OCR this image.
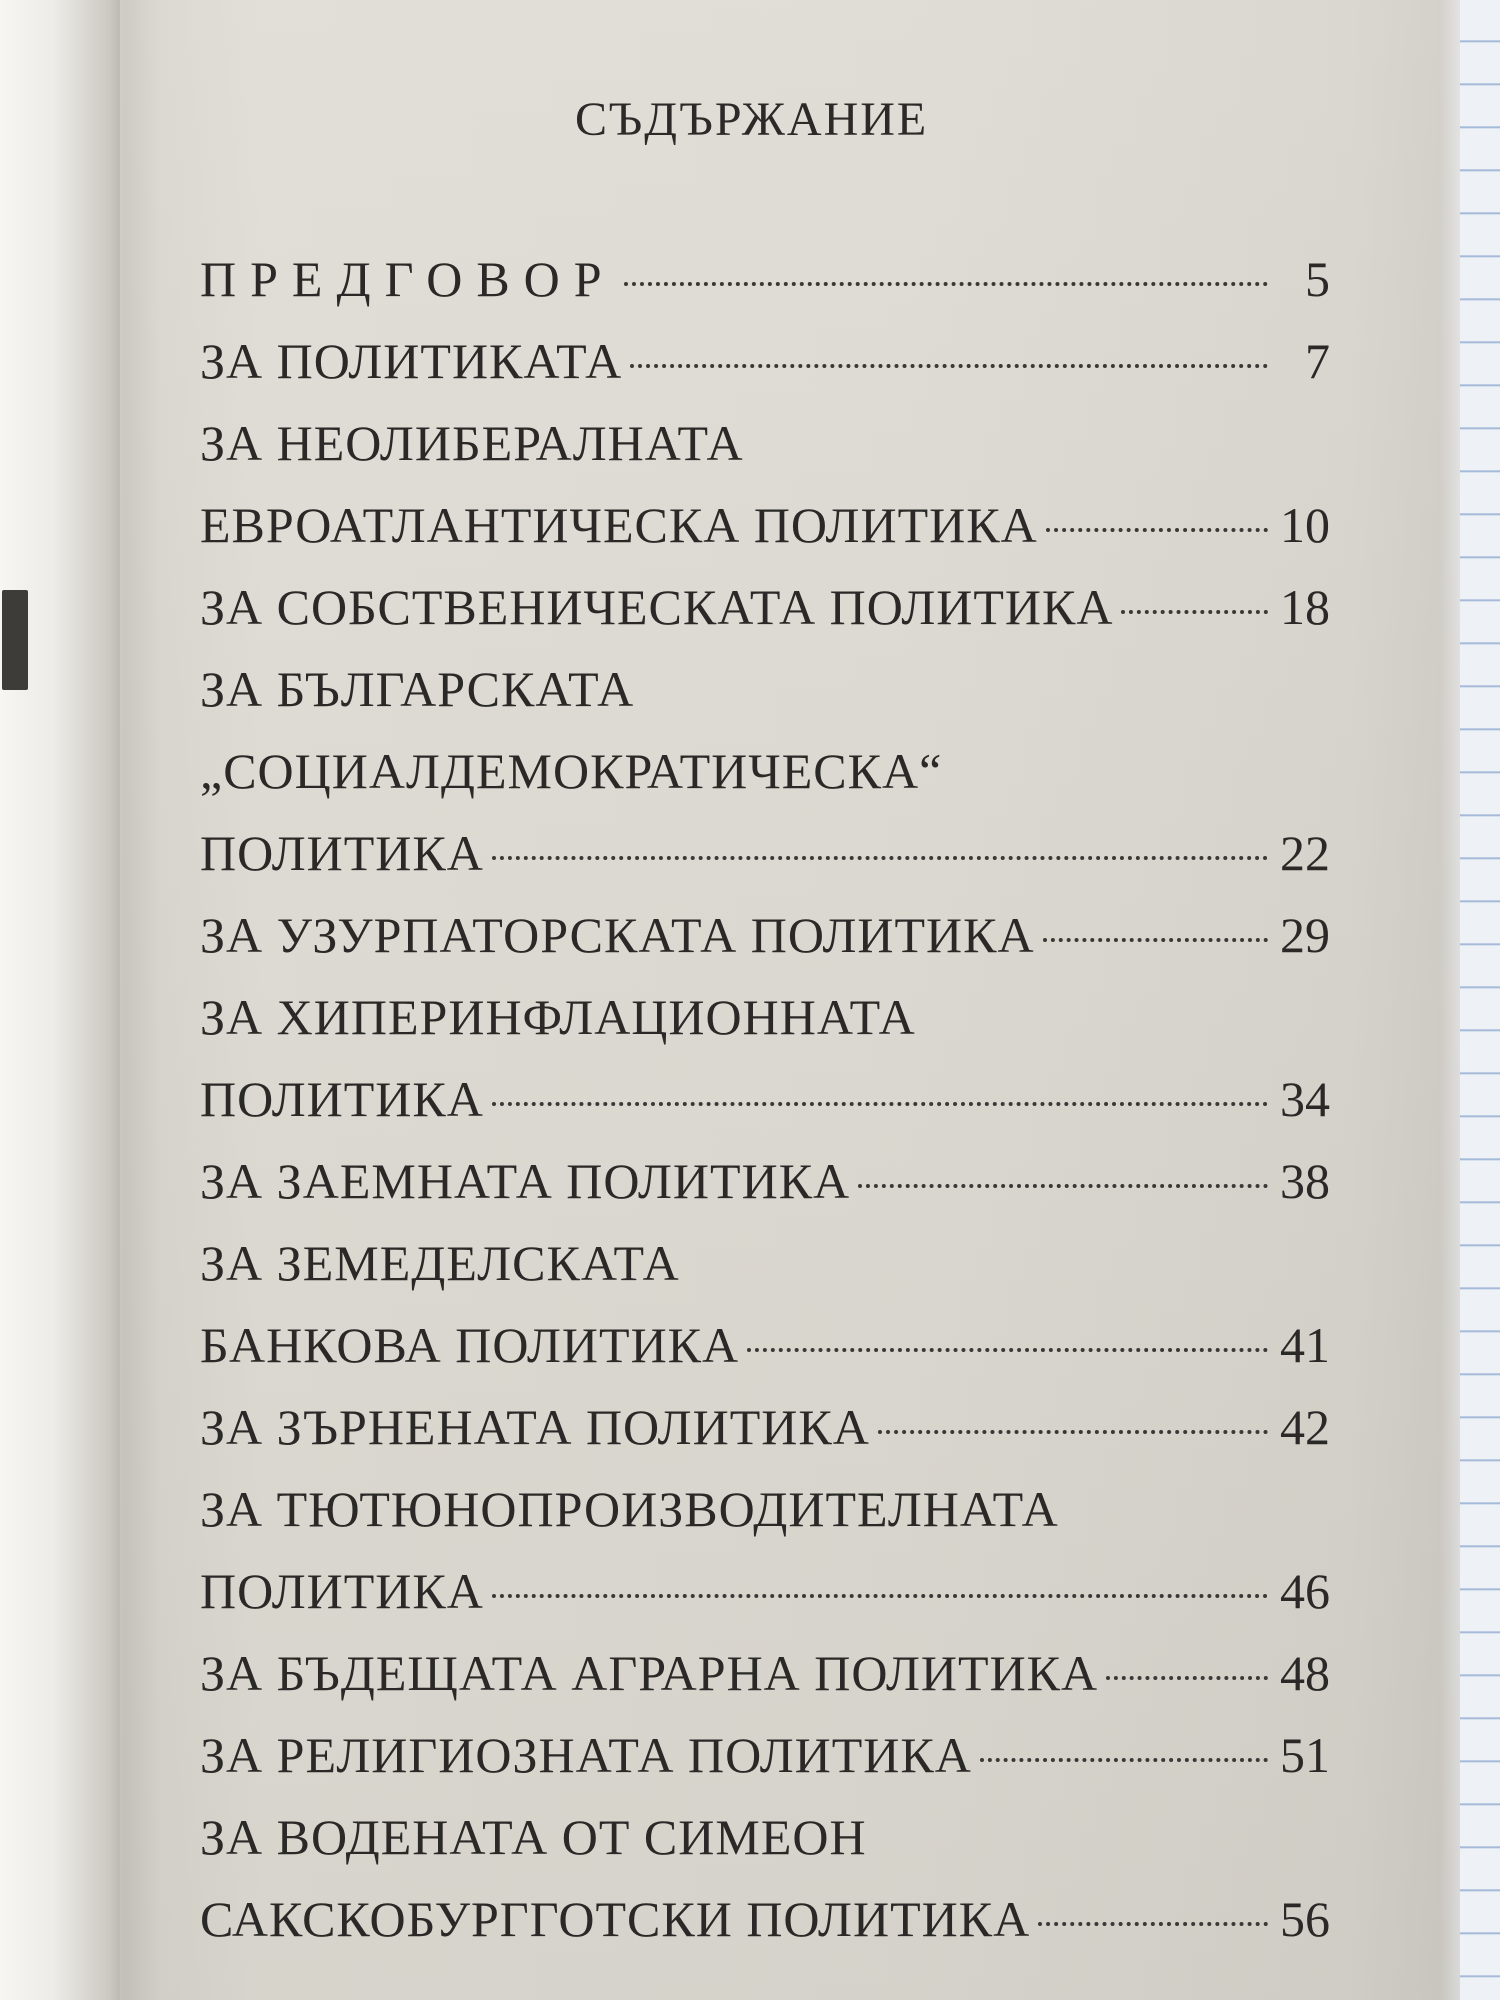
СЪДЪРЖАНИЕ
ПРЕДГОВОР	5
ЗА ПОЛИТИКАТА	7
ЗА НЕОЛИБЕРАЛНАТА
ЕВРОАТЛАНТИЧЕСКА ПОЛИТИКА	10
ЗА СОБСТВЕНИЧЕСКАТА ПОЛИТИКА	18
ЗА БЪЛГАРСКАТА
„СОЦИАЛДЕМОКРАТИЧЕСКА“
ПОЛИТИКА	22
ЗА УЗУРПАТОРСКАТА ПОЛИТИКА	29
ЗА ХИПЕРИНФЛАЦИОННАТА
ПОЛИТИКА	34
ЗА ЗАЕМНАТА ПОЛИТИКА	38
ЗА ЗЕМЕДЕЛСКАТА
БАНКОВА ПОЛИТИКА	41
ЗА ЗЪРНЕНАТА ПОЛИТИКА	42
ЗА ТЮТЮНОПРОИЗВОДИТЕЛНАТА
ПОЛИТИКА	46
ЗА БЪДЕЩАТА АГРАРНА ПОЛИТИКА	48
ЗА РЕЛИГИОЗНАТА ПОЛИТИКА	51
ЗА ВОДЕНАТА ОТ СИМЕОН
САКСКОБУРГГОТСКИ ПОЛИТИКА	56
